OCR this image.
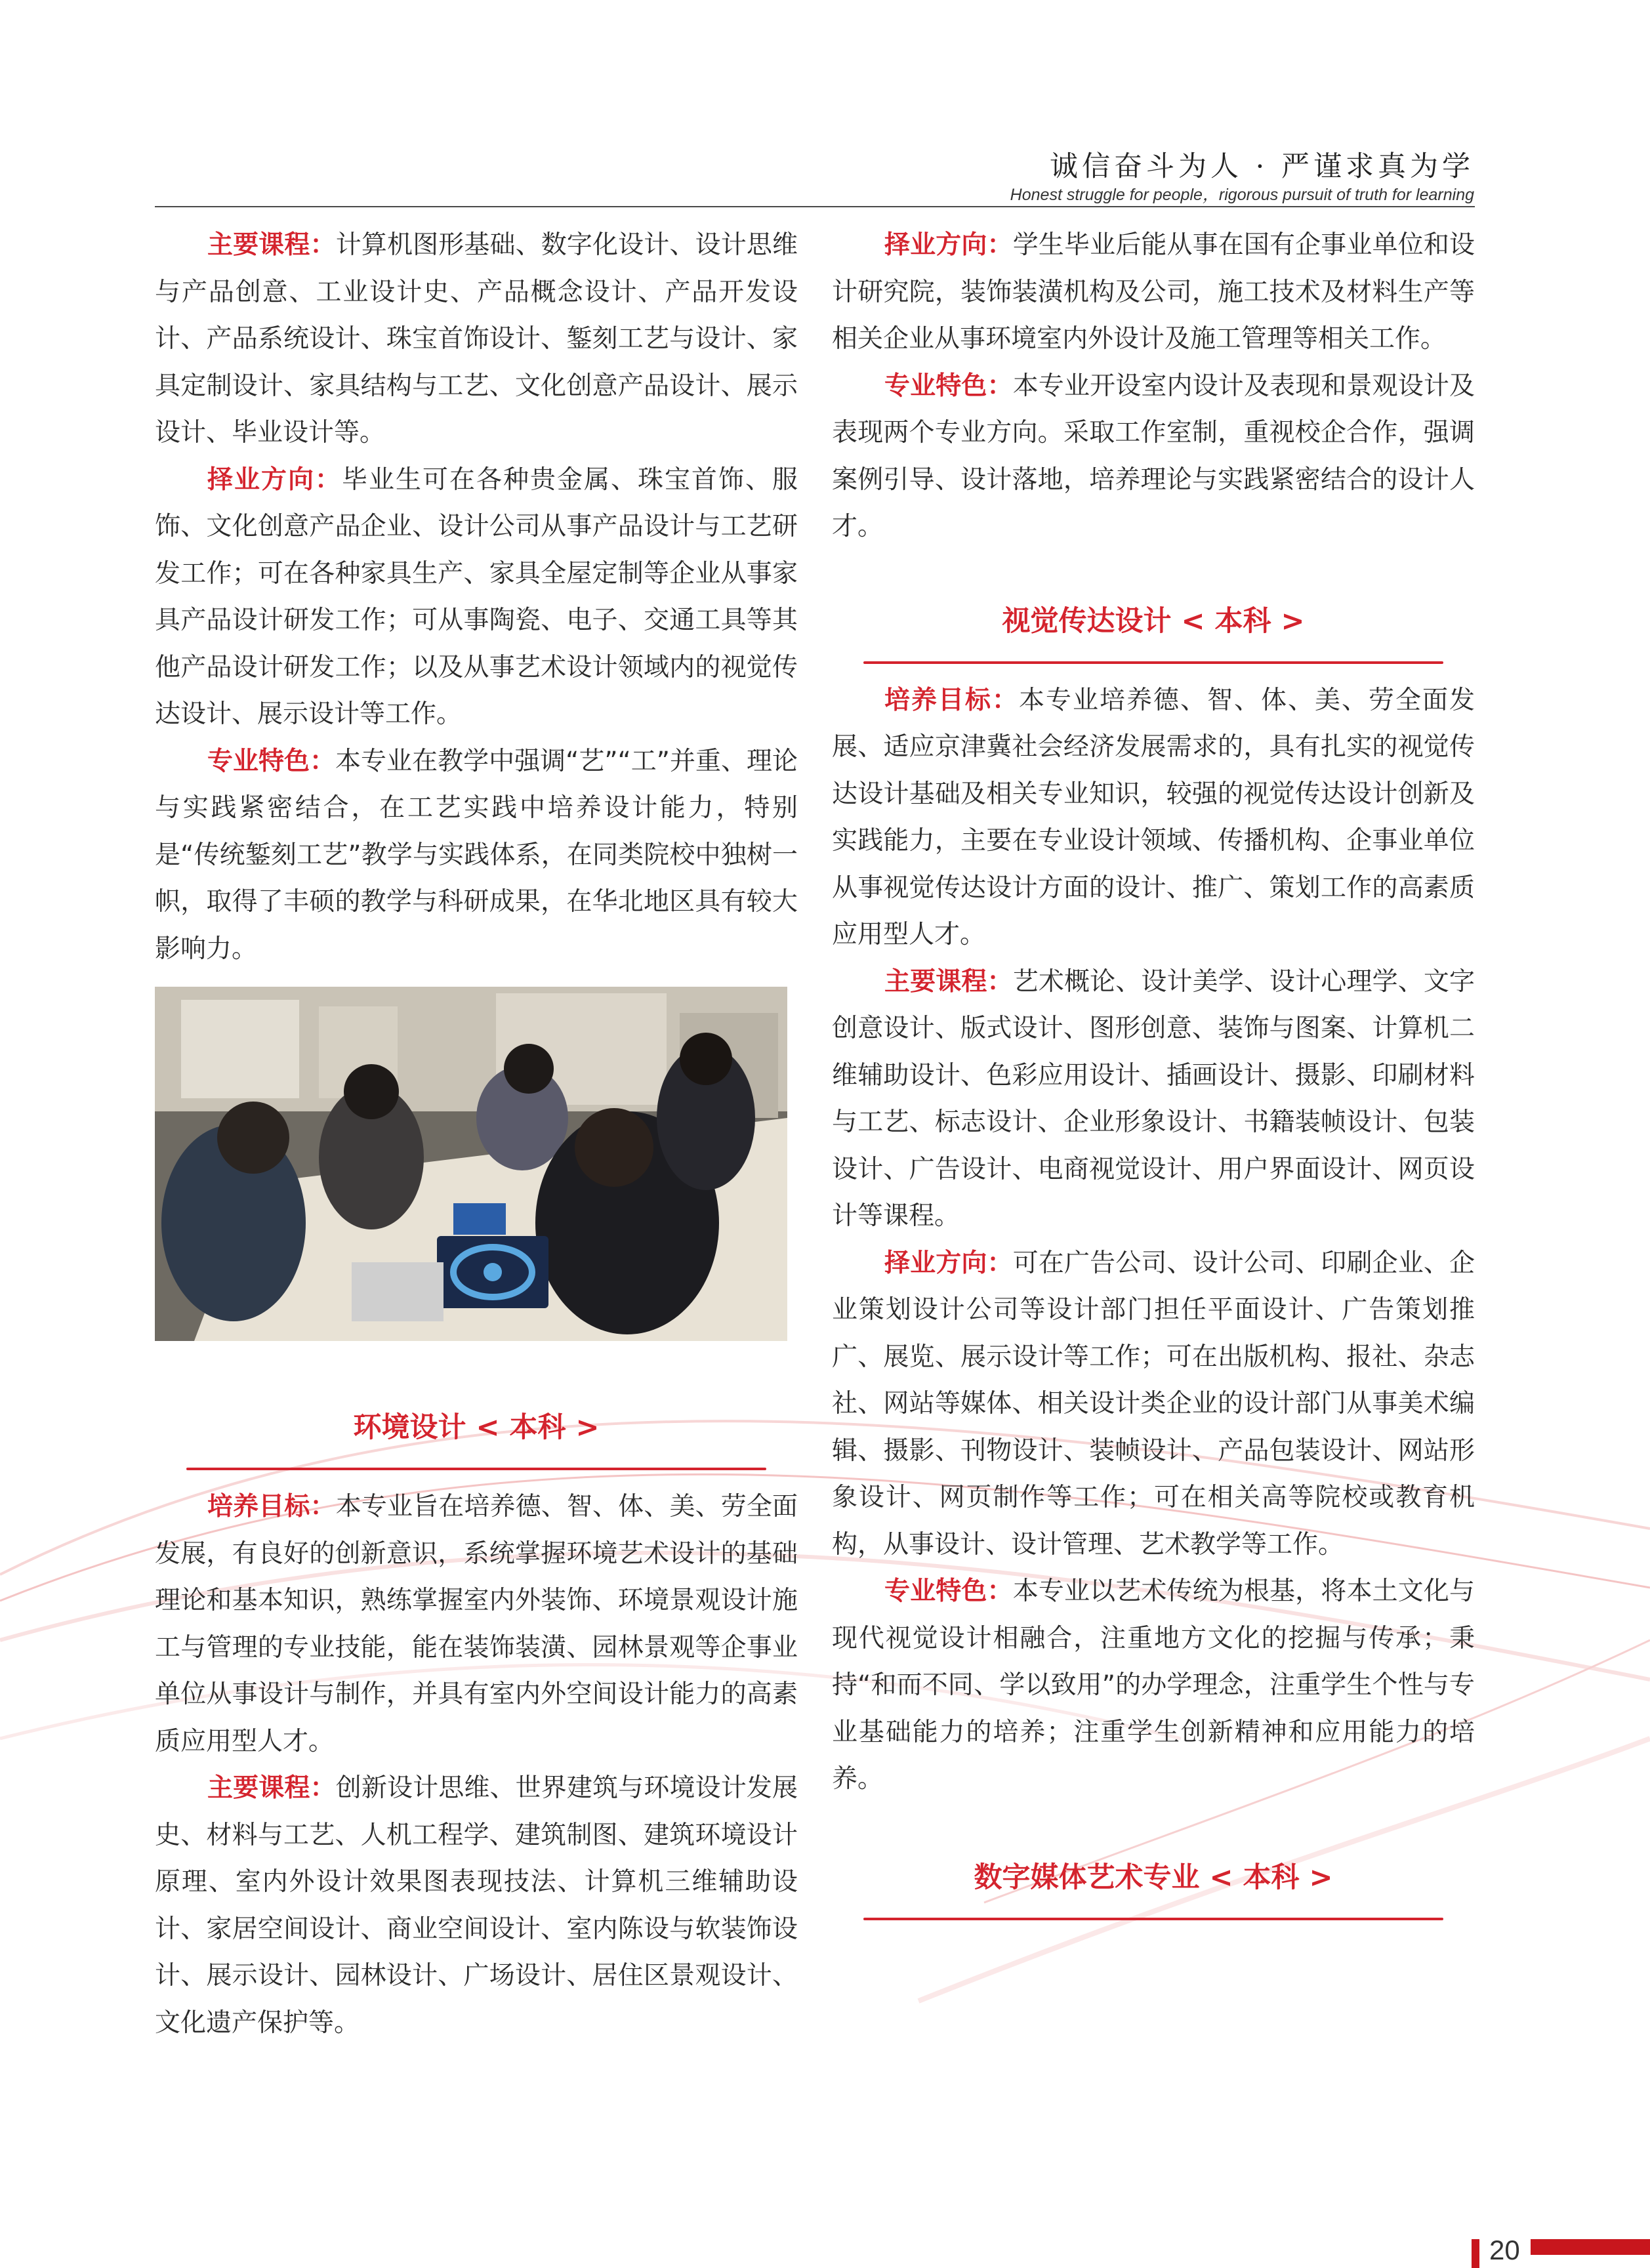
诚信奋斗为人 · 严谨求真为学
Honest struggle for people，rigorous pursuit of truth for learning

主要课程：计算机图形基础、数字化设计、设计思维与产品创意、工业设计史、产品概念设计、产品开发设计、产品系统设计、珠宝首饰设计、錾刻工艺与设计、家具定制设计、家具结构与工艺、文化创意产品设计、展示设计、毕业设计等。

择业方向：毕业生可在各种贵金属、珠宝首饰、服饰、文化创意产品企业、设计公司从事产品设计与工艺研发工作；可在各种家具生产、家具全屋定制等企业从事家具产品设计研发工作；可从事陶瓷、电子、交通工具等其他产品设计研发工作；以及从事艺术设计领域内的视觉传达设计、展示设计等工作。

专业特色：本专业在教学中强调“艺”“工”并重、理论与实践紧密结合，在工艺实践中培养设计能力，特别是“传统錾刻工艺”教学与实践体系，在同类院校中独树一帜，取得了丰硕的教学与科研成果，在华北地区具有较大影响力。

环境设计 < 本科 >

培养目标：本专业旨在培养德、智、体、美、劳全面发展，有良好的创新意识，系统掌握环境艺术设计的基础理论和基本知识，熟练掌握室内外装饰、环境景观设计施工与管理的专业技能，能在装饰装潢、园林景观等企事业单位从事设计与制作，并具有室内外空间设计能力的高素质应用型人才。

主要课程：创新设计思维、世界建筑与环境设计发展史、材料与工艺、人机工程学、建筑制图、建筑环境设计原理、室内外设计效果图表现技法、计算机三维辅助设计、家居空间设计、商业空间设计、室内陈设与软装饰设计、展示设计、园林设计、广场设计、居住区景观设计、文化遗产保护等。

择业方向：学生毕业后能从事在国有企事业单位和设计研究院，装饰装潢机构及公司，施工技术及材料生产等相关企业从事环境室内外设计及施工管理等相关工作。

专业特色：本专业开设室内设计及表现和景观设计及表现两个专业方向。采取工作室制，重视校企合作，强调案例引导、设计落地，培养理论与实践紧密结合的设计人才。

视觉传达设计 < 本科 >

培养目标：本专业培养德、智、体、美、劳全面发展、适应京津冀社会经济发展需求的，具有扎实的视觉传达设计基础及相关专业知识，较强的视觉传达设计创新及实践能力，主要在专业设计领域、传播机构、企事业单位从事视觉传达设计方面的设计、推广、策划工作的高素质应用型人才。

主要课程：艺术概论、设计美学、设计心理学、文字创意设计、版式设计、图形创意、装饰与图案、计算机二维辅助设计、色彩应用设计、插画设计、摄影、印刷材料与工艺、标志设计、企业形象设计、书籍装帧设计、包装设计、广告设计、电商视觉设计、用户界面设计、网页设计等课程。

择业方向：可在广告公司、设计公司、印刷企业、企业策划设计公司等设计部门担任平面设计、广告策划推广、展览、展示设计等工作；可在出版机构、报社、杂志社、网站等媒体、相关设计类企业的设计部门从事美术编辑、摄影、刊物设计、装帧设计、产品包装设计、网站形象设计、网页制作等工作；可在相关高等院校或教育机构，从事设计、设计管理、艺术教学等工作。

专业特色：本专业以艺术传统为根基，将本土文化与现代视觉设计相融合，注重地方文化的挖掘与传承；秉持“和而不同、学以致用”的办学理念，注重学生个性与专业基础能力的培养；注重学生创新精神和应用能力的培养。

数字媒体艺术专业 < 本科 >
20
